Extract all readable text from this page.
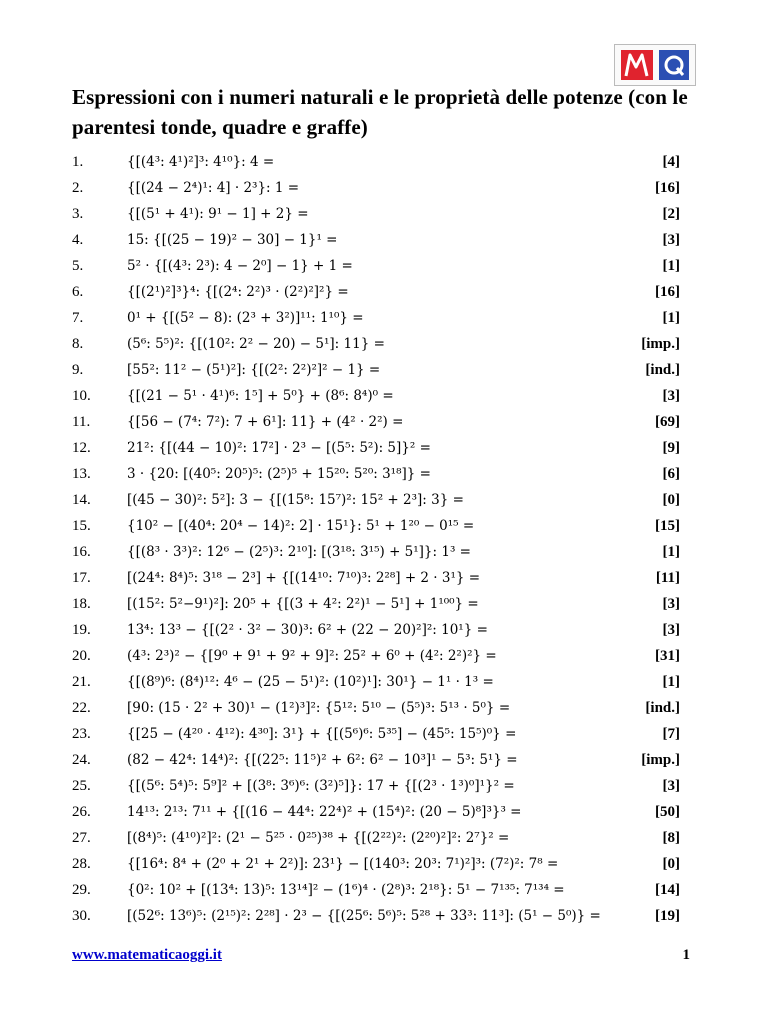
Espressioni con i numeri naturali e le proprietà delle potenze (con le parentesi tonde, quadre e graffe)
1.	{[(4³: 4¹)²]³: 4¹⁰}: 4 =	[4]
2.	{[(24 − 2⁴)¹: 4] · 2³}: 1 =	[16]
3.	{[(5¹ + 4¹): 9¹ − 1] + 2} =	[2]
4.	15: {[(25 − 19)² − 30] − 1}¹ =	[3]
5.	5² · {[(4³: 2³): 4 − 2⁰] − 1} + 1 =	[1]
6.	{[(2¹)²]³}⁴: {[(2⁴: 2²)³ · (2²)²]²} =	[16]
7.	0¹ + {[(5² − 8): (2³ + 3²)]¹¹: 1¹⁰} =	[1]
8.	(5⁶: 5⁵)²: {[(10²: 2² − 20) − 5¹]: 11} =	[imp.]
9.	[55²: 11² − (5¹)²]: {[(2²: 2²)²]² − 1} =	[ind.]
10.	{[(21 − 5¹ · 4¹)⁶: 1⁵] + 5⁰} + (8⁶: 8⁴)⁰ =	[3]
11.	{[56 − (7⁴: 7²): 7 + 6¹]: 11} + (4² · 2²) =	[69]
12.	21²: {[(44 − 10)²: 17²] · 2³ − [(5⁵: 5²): 5]}² =	[9]
13.	3 · {20: [(40⁵: 20⁵)⁵: (2⁵)⁵ + 15²⁰: 5²⁰: 3¹⁸]} =	[6]
14.	[(45 − 30)²: 5²]: 3 − {[(15⁸: 15⁷)²: 15² + 2³]: 3} =	[0]
15.	{10² − [(40⁴: 20⁴ − 14)²: 2] · 15¹}: 5¹ + 1²⁰ − 0¹⁵ =	[15]
16.	{[(8³ · 3³)²: 12⁶ − (2⁵)³: 2¹⁰]: [(3¹⁸: 3¹⁵) + 5¹]}: 1³ =	[1]
17.	[(24⁴: 8⁴)⁵: 3¹⁸ − 2³] + {[(14¹⁰: 7¹⁰)³: 2²⁸] + 2 · 3¹} =	[11]
18.	[(15²: 5²−9¹)²]: 20⁵ + {[(3 + 4²: 2²)¹ − 5¹] + 1¹⁰⁰} =	[3]
19.	13⁴: 13³ − {[(2² · 3² − 30)³: 6² + (22 − 20)²]²: 10¹} =	[3]
20.	(4³: 2³)² − {[9⁰ + 9¹ + 9² + 9]²: 25² + 6⁰ + (4²: 2²)²} =	[31]
21.	{[(8⁹)⁶: (8⁴)¹²: 4⁶ − (25 − 5¹)²: (10²)¹]: 30¹} − 1¹ · 1³ =	[1]
22.	[90: (15 · 2² + 30)¹ − (1²)³]²: {5¹²: 5¹⁰ − (5⁵)³: 5¹³ · 5⁰} =	[ind.]
23.	{[25 − (4²⁰ · 4¹²): 4³⁰]: 3¹} + {[(5⁶)⁶: 5³⁵] − (45⁵: 15⁵)⁰} =	[7]
24.	(82 − 42⁴: 14⁴)²: {[(22⁵: 11⁵)² + 6²: 6² − 10³]¹ − 5³: 5¹} =	[imp.]
25.	{[(5⁶: 5⁴)⁵: 5⁹]² + [(3⁸: 3⁶)⁶: (3²)⁵]}: 17 + {[(2³ · 1³)⁰]¹}² =	[3]
26.	14¹³: 2¹³: 7¹¹ + {[(16 − 44⁴: 22⁴)² + (15⁴)²: (20 − 5)⁸]³}³ =	[50]
27.	[(8⁴)⁵: (4¹⁰)²]²: (2¹ − 5²⁵ · 0²⁵)³⁸ + {[(2²²)²: (2²⁰)²]²: 2⁷}² =	[8]
28.	{[16⁴: 8⁴ + (2⁰ + 2¹ + 2²)]: 23¹} − [(140³: 20³: 7¹)²]³: (7²)²: 7⁸ =	[0]
29.	{0²: 10² + [(13⁴: 13)⁵: 13¹⁴]² − (1⁶)⁴ · (2⁸)³: 2¹⁸}: 5¹ − 7¹³⁵: 7¹³⁴ =	[14]
30.	[(52⁶: 13⁶)⁵: (2¹⁵)²: 2²⁸] · 2³ − {[(25⁶: 5⁶)⁵: 5²⁸ + 33³: 11³]: (5¹ − 5⁰)} =	[19]
www.matematicaoggi.it	1
